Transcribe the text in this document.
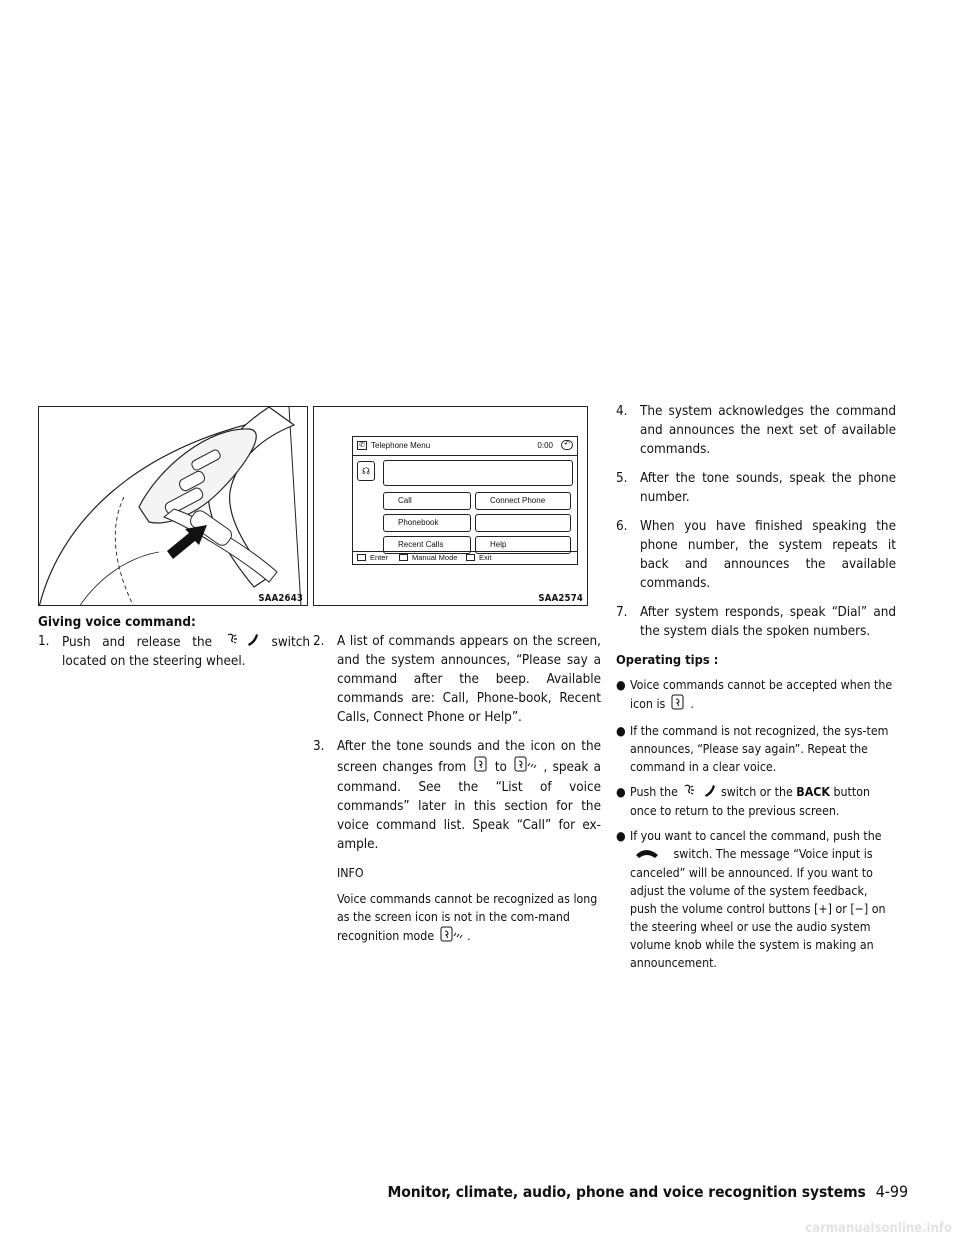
SAA2643
✆ Telephone Menu	0:00	↶
☊
Call	Connect Phone
Phonebook
Recent Calls	Help
Enter	Manual Mode	Exit
SAA2574

Giving voice command:

1. Push and release the	switch located on the steering wheel.
2. A list of commands appears on the screen, and the system announces, “Please say a command after the beep. Available commands are: Call, Phone-book, Recent Calls, Connect Phone or Help”.
3. After the tone sounds and the icon on the screen changes from to	, speak a command. See the “List of voice commands” later in this section for the voice command list. Speak “Call” for ex-ample.

INFO

Voice commands cannot be recognized as long as the screen icon is not in the com-mand recognition mode	.

4. The system acknowledges the command and announces the next set of available commands.
5. After the tone sounds, speak the phone number.
6. When you have finished speaking the phone number, the system repeats it back and announces the available commands.
7. After system responds, speak “Dial” and the system dials the spoken numbers.

Operating tips :

● Voice commands cannot be accepted when the icon is .
● If the command is not recognized, the sys-tem announces, “Please say again”. Repeat the command in a clear voice.
● Push the	switch or the BACK button once to return to the previous screen.
● If you want to cancel the command, push the
switch. The message “Voice input is canceled” will be announced. If you want to adjust the volume of the system feedback, push the volume control buttons [+] or [−] on the steering wheel or use the audio system volume knob while the system is making an announcement.
Monitor, climate, audio, phone and voice recognition systems 4-99
carmanualsonline.info
